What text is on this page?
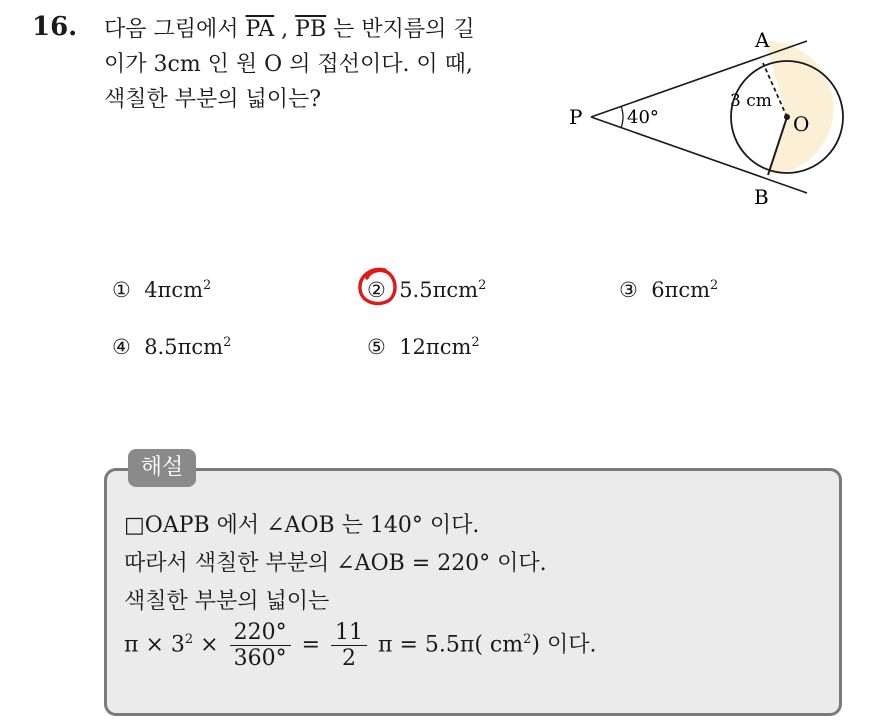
16. 다음 그림에서 $\overline{PA}$ , $\overline{PB}$ 는 반지름의 길
이가 3cm 인 원 O 의 접선이다. 이 때,
색칠한 부분의 넓이는?
A
B
P	O
40°
3 cm
① 4πcm$^2$	② 5.5πcm$^2$	③ 6πcm$^2$
④ 8.5πcm$^2$	⑤ 12πcm$^2$
해설
□OAPB 에서 ∠AOB 는 140° 이다.
따라서 색칠한 부분의 ∠AOB = 220° 이다.
색칠한 부분의 넓이는
$\pi \times 3^2 \times \frac{220^\circ}{360^\circ} = \frac{11}{2}$ π = 5.5π( $cm^2$) 이다.
